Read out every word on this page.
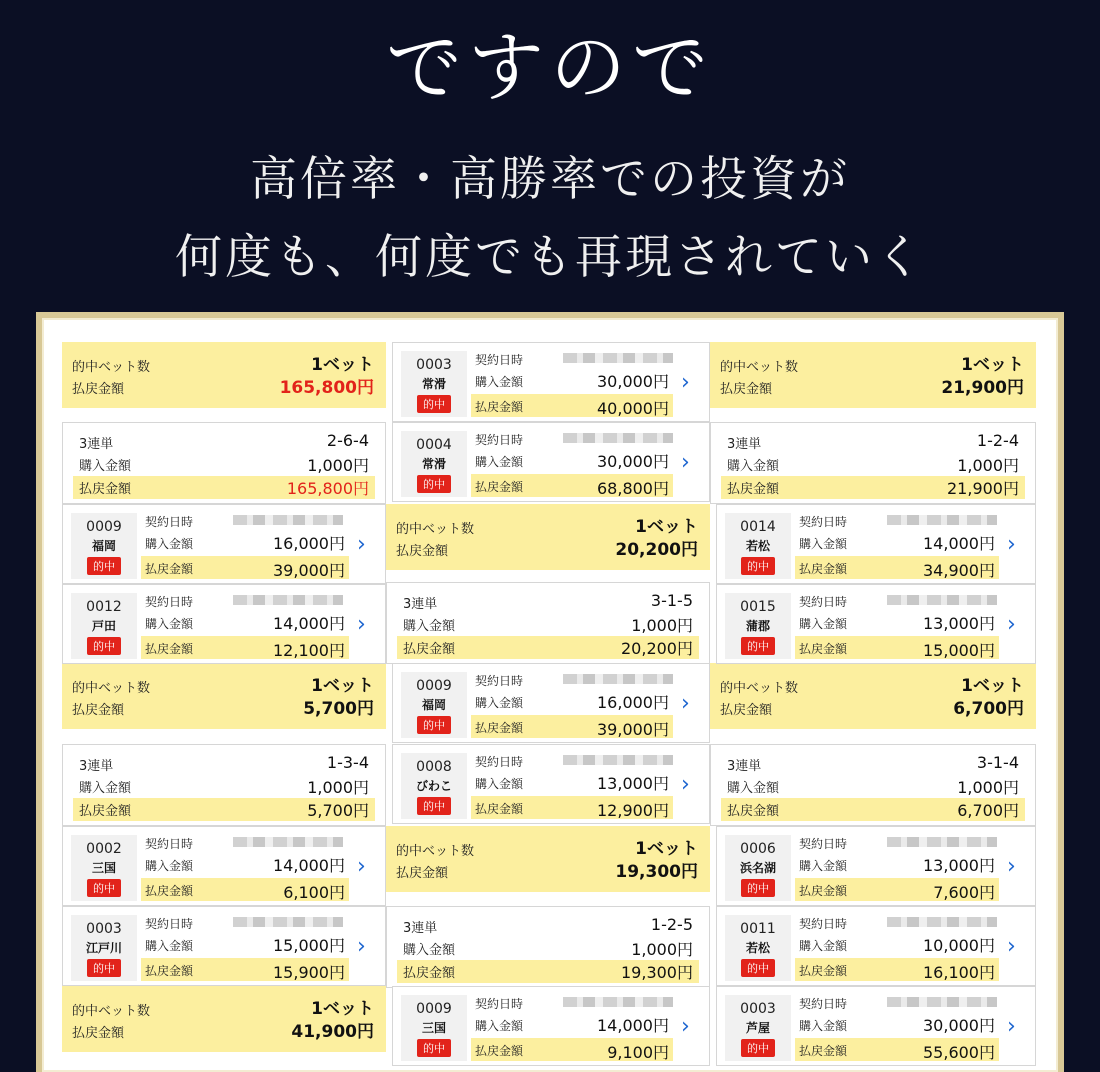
ですので
高倍率・高勝率での投資が
何度も、何度でも再現されていく
的中ベット数
払戻金額
1ベット
165,800円
的中ベット数
払戻金額
1ベット
21,900円
的中ベット数
払戻金額
1ベット
20,200円
的中ベット数
払戻金額
1ベット
5,700円
的中ベット数
払戻金額
1ベット
6,700円
的中ベット数
払戻金額
1ベット
19,300円
的中ベット数
払戻金額
1ベット
41,900円
3連単	2-6-4
購入金額	1,000円
払戻金額	165,800円
3連単	1-2-4
購入金額	1,000円
払戻金額	21,900円
3連単	3-1-5
購入金額	1,000円
払戻金額	20,200円
3連単	1-3-4
購入金額	1,000円
払戻金額	5,700円
3連単	3-1-4
購入金額	1,000円
払戻金額	6,700円
3連単	1-2-5
購入金額	1,000円
払戻金額	19,300円
0003
常滑
的中
契約日時
購入金額	30,000円
払戻金額	40,000円
›
0004
常滑
的中
契約日時
購入金額	30,000円
払戻金額	68,800円
›
0009
福岡
的中
契約日時
購入金額	16,000円
払戻金額	39,000円
›
0014
若松
的中
契約日時
購入金額	14,000円
払戻金額	34,900円
›
0012
戸田
的中
契約日時
購入金額	14,000円
払戻金額	12,100円
›
0015
蒲郡
的中
契約日時
購入金額	13,000円
払戻金額	15,000円
›
0009
福岡
的中
契約日時
購入金額	16,000円
払戻金額	39,000円
›
0008
びわこ
的中
契約日時
購入金額	13,000円
払戻金額	12,900円
›
0002
三国
的中
契約日時
購入金額	14,000円
払戻金額	6,100円
›
0006
浜名湖
的中
契約日時
購入金額	13,000円
払戻金額	7,600円
›
0003
江戸川
的中
契約日時
購入金額	15,000円
払戻金額	15,900円
›
0011
若松
的中
契約日時
購入金額	10,000円
払戻金額	16,100円
›
0009
三国
的中
契約日時
購入金額	14,000円
払戻金額	9,100円
›
0003
芦屋
的中
契約日時
購入金額	30,000円
払戻金額	55,600円
›
